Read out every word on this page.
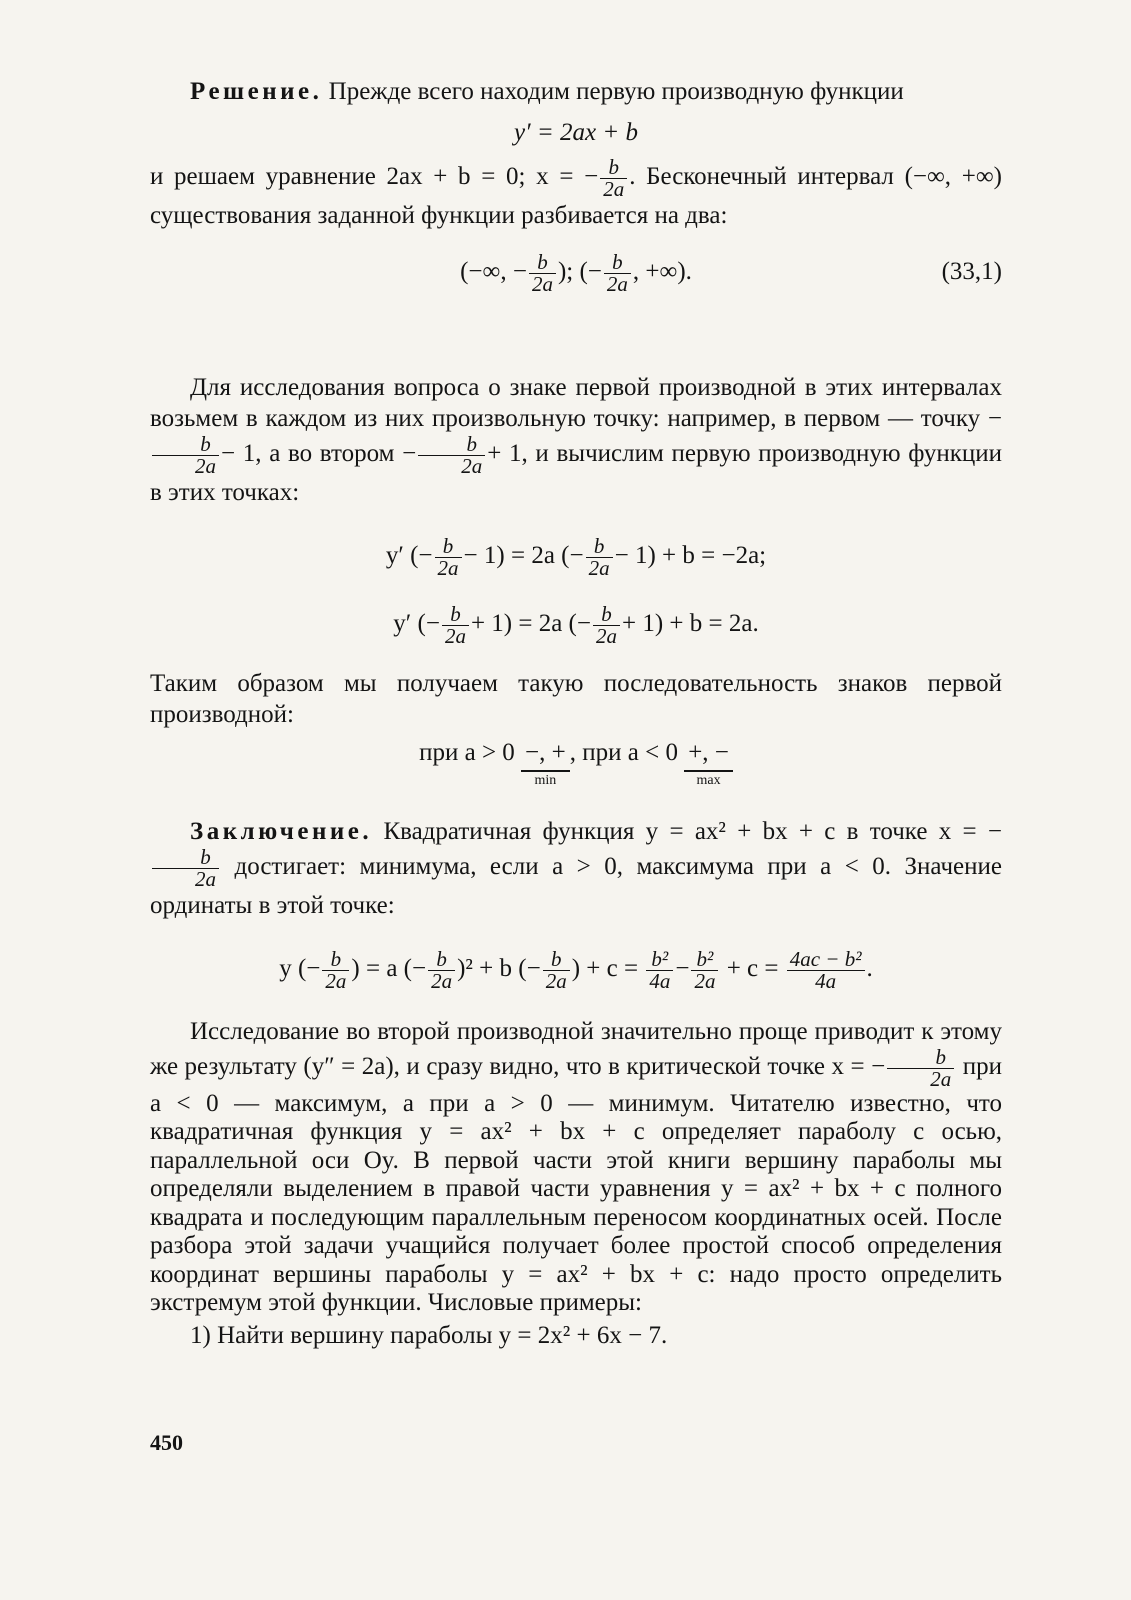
Решение. Прежде всего находим первую производную функции

y′ = 2ax + b

и решаем уравнение 2ax + b = 0; x = − $\frac{b}{2a}$ . Бесконечный интервал (−∞, +∞) существования заданной функции разбивается на два:

(−∞, − $\frac{b}{2a}$ ); (− $\frac{b}{2a}$ , +∞).	(33,1)

Для исследования вопроса о знаке первой производной в этих интервалах возьмем в каждом из них произвольную точку: например, в первом — точку −
$\frac{b}{2a} - 1$, а во втором − $\frac{b}{2a} + 1$, и вычислим первую производную функции в этих точках:

y′ (− $\frac{b}{2a} - 1) = 2a$ (− $\frac{b}{2a} - 1) + b = -2a$;
y′ (− $\frac{b}{2a} + 1) = 2a$ (− $\frac{b}{2a} + 1) + b = 2a$.

Таким образом мы получаем такую последовательность знаков первой производной:

при a > 0 −, +
min
, при a < 0 +, −
max

Заключение. Квадратичная функция y = ax² + bx + c в точке x = −
$\frac{b}{2a}$ достигает: минимума, если a > 0, максимума при a < 0. Значение ординаты в этой точке:

y (− $\frac{b}{2a}$ ) = a (− $\frac{b}{2a} )^2 + b$ (− $\frac{b}{2a}$ ) + $c = \frac{\text{b²}}{4a} - \frac{\text{b²}}{2a} + c = \frac{\text{4ac − b²}}{4a}$ .

Исследование во второй производной значительно проще приводит к этому же результату (y″ = 2a), и сразу видно, что в критической точке x = − $\frac{b}{2a}$ при a < 0 — максимум, а при a > 0 — минимум. Читателю известно, что квадратичная функция y = ax² + bx + c определяет параболу с осью, параллельной оси Oy. В первой части этой книги вершину параболы мы определяли выделением в правой части уравнения y = ax² + bx + c полного квадрата и последующим параллельным переносом координатных осей. После разбора этой задачи учащийся получает более простой способ определения координат вершины параболы y = ax² + bx + c: надо просто определить экстремум этой функции. Числовые примеры:

1) Найти вершину параболы y = 2x² + 6x − 7.

450
